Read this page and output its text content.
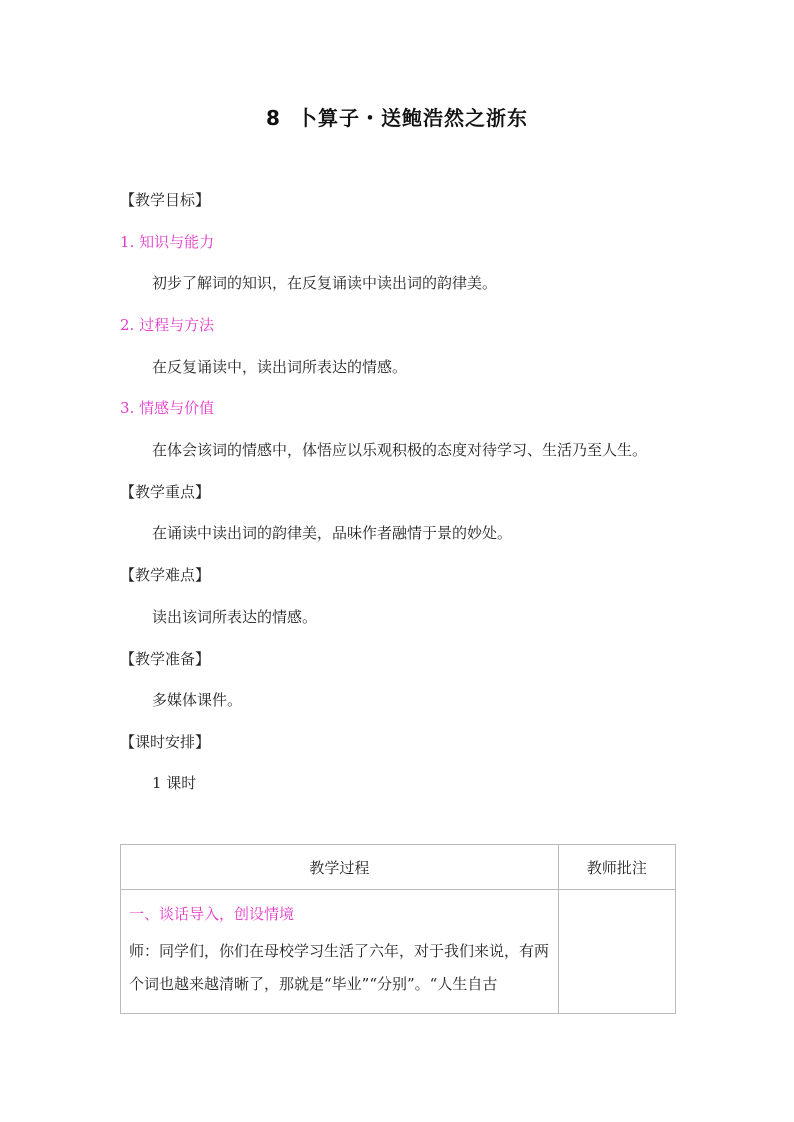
8 卜算子・送鲍浩然之浙东
【教学目标】
1. 知识与能力
初步了解词的知识，在反复诵读中读出词的韵律美。
2. 过程与方法
在反复诵读中，读出词所表达的情感。
3. 情感与价值
在体会该词的情感中，体悟应以乐观积极的态度对待学习、生活乃至人生。
【教学重点】
在诵读中读出词的韵律美，品味作者融情于景的妙处。
【教学难点】
读出该词所表达的情感。
【教学准备】
多媒体课件。
【课时安排】
1 课时
教学过程	教师批注

一、谈话导入，创设情境

师：同学们，你们在母校学习生活了六年，对于我们来说，有两

个词也越来越清晰了，那就是“毕业”“分别”。“人生自古	
